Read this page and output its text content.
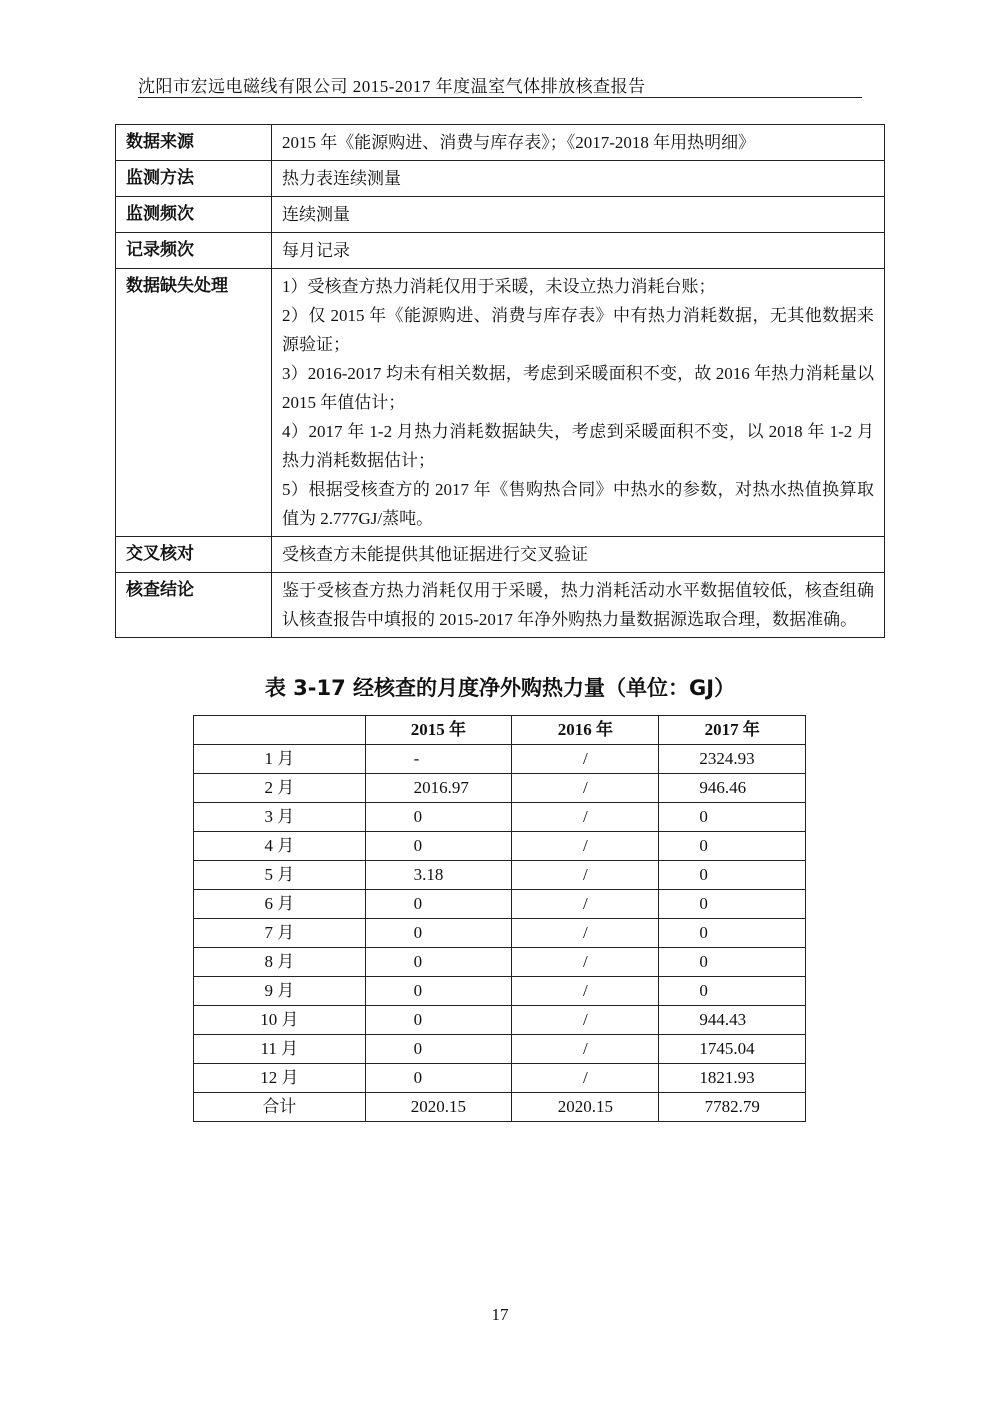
沈阳市宏远电磁线有限公司 2015-2017 年度温室气体排放核查报告
数据来源	2015 年《能源购进、消费与库存表》；《2017-2018 年用热明细》

监测方法	热力表连续测量

监测频次	连续测量

记录频次	每月记录

数据缺失处理	1）受核查方热力消耗仅用于采暖，未设立热力消耗台账；
2）仅 2015 年《能源购进、消费与库存表》中有热力消耗数据，无其他数据来源验证；
3）2016-2017 均未有相关数据，考虑到采暖面积不变，故 2016 年热力消耗量以 2015 年值估计；
4）2017 年 1-2 月热力消耗数据缺失，考虑到采暖面积不变，以 2018 年 1-2 月热力消耗数据估计；
5）根据受核查方的 2017 年《售购热合同》中热水的参数，对热水热值换算取值为 2.777GJ/蒸吨。

交叉核对	受核查方未能提供其他证据进行交叉验证

核查结论	鉴于受核查方热力消耗仅用于采暖，热力消耗活动水平数据值较低，核查组确认核查报告中填报的 2015-2017 年净外购热力量数据源选取合理，数据准确。
表 3-17 经核查的月度净外购热力量（单位：GJ）
	2015 年	2016 年	2017 年
1 月	-	/	2324.93
2 月	2016.97	/	946.46
3 月	0	/	0
4 月	0	/	0
5 月	3.18	/	0
6 月	0	/	0
7 月	0	/	0
8 月	0	/	0
9 月	0	/	0
10 月	0	/	944.43
11 月	0	/	1745.04
12 月	0	/	1821.93
合计	2020.15	2020.15	7782.79
17
